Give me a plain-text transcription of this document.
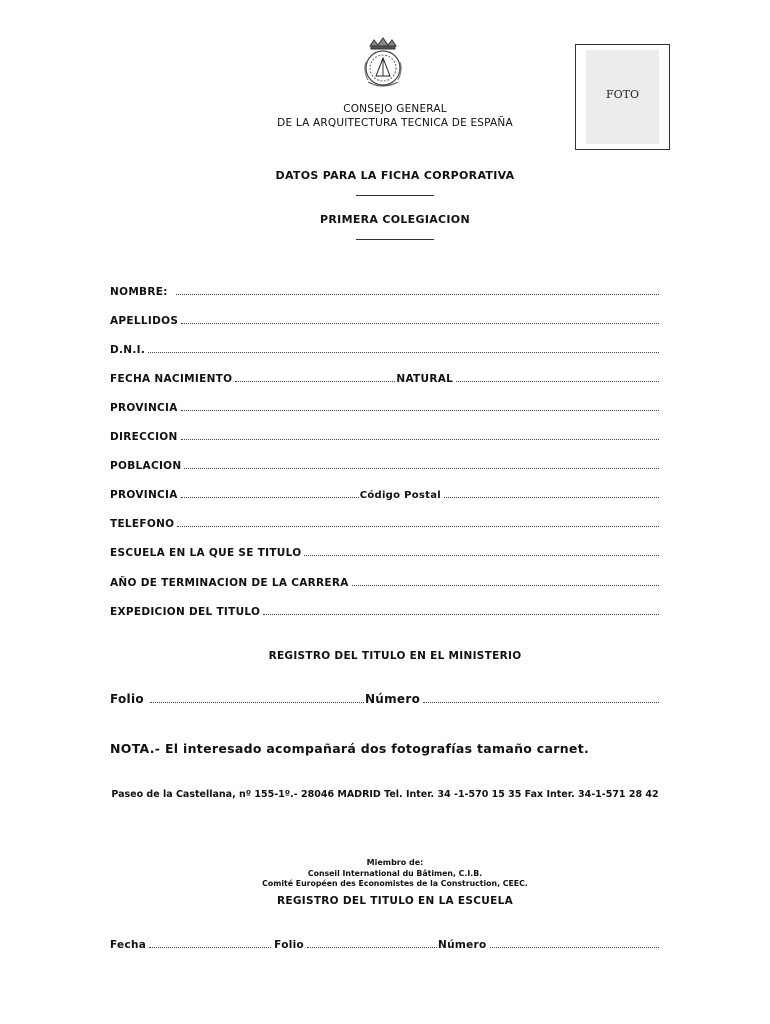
CONSEJO GENERAL
DE LA ARQUITECTURA TECNICA DE ESPAÑA
FOTO
DATOS PARA LA FICHA CORPORATIVA
PRIMERA COLEGIACION
NOMBRE:
APELLIDOS
D.N.I.
FECHA NACIMIENTO	NATURAL
PROVINCIA
DIRECCION
POBLACION
PROVINCIA	Código Postal
TELEFONO
ESCUELA EN LA QUE SE TITULO
AÑO DE TERMINACION DE LA CARRERA
EXPEDICION DEL TITULO
REGISTRO DEL TITULO EN EL MINISTERIO
Folio	Número
NOTA.- El interesado acompañará dos fotografías tamaño carnet.
Paseo de la Castellana, nº 155-1º.- 28046 MADRID Tel. Inter. 34 -1-570 15 35 Fax Inter. 34-1-571 28 42
Miembro de:
Conseil International du Bâtimen, C.I.B.
Comité Européen des Economistes de la Construction, CEEC.
REGISTRO DEL TITULO EN LA ESCUELA
Fecha	Folio	Número
